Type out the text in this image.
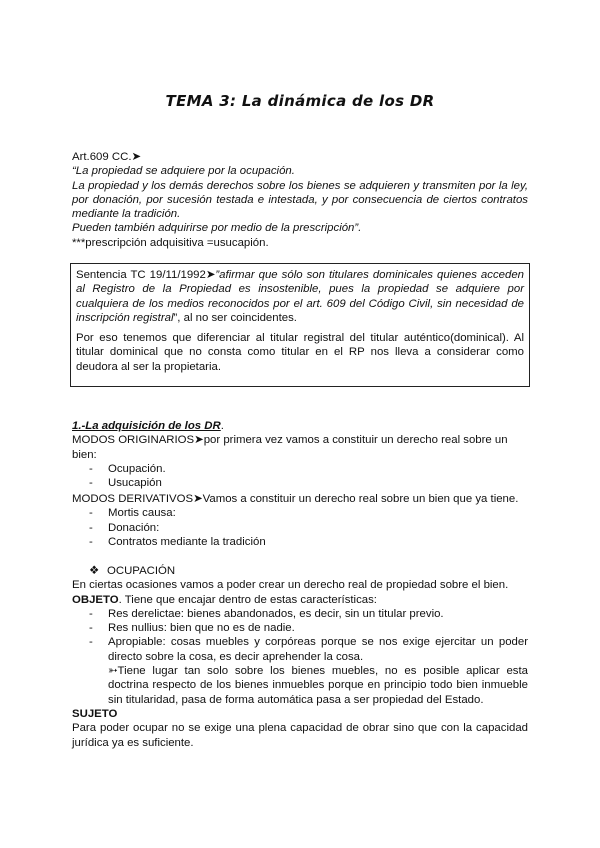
TEMA 3: La dinámica de los DR

Art.609 CC.➤

“La propiedad se adquiere por la ocupación.

La propiedad y los demás derechos sobre los bienes se adquieren y transmiten por la ley, por donación, por sucesión testada e intestada, y por consecuencia de ciertos contratos mediante la tradición.

Pueden también adquirirse por medio de la prescripción”.

***prescripción adquisitiva =usucapión.

Sentencia TC 19/11/1992➤”afirmar que sólo son titulares dominicales quienes acceden al Registro de la Propiedad es insostenible, pues la propiedad se adquiere por cualquiera de los medios reconocidos por el art. 609 del Código Civil, sin necesidad de inscripción registral”, al no ser coincidentes.

Por eso tenemos que diferenciar al titular registral del titular auténtico(dominical). Al titular dominical que no consta como titular en el RP nos lleva a considerar como deudora al ser la propietaria.

1.-La adquisición de los DR.

MODOS ORIGINARIOS➤por primera vez vamos a constituir un derecho real sobre un bien:

- Ocupación.
- Usucapión

MODOS DERIVATIVOS➤Vamos a constituir un derecho real sobre un bien que ya tiene.

- Mortis causa:
- Donación:
- Contratos mediante la tradición

❖ OCUPACIÓN

En ciertas ocasiones vamos a poder crear un derecho real de propiedad sobre el bien.

OBJETO. Tiene que encajar dentro de estas características:

- Res derelictae: bienes abandonados, es decir, sin un titular previo.
- Res nullius: bien que no es de nadie.
- Apropiable: cosas muebles y corpóreas porque se nos exige ejercitar un poder directo sobre la cosa, es decir aprehender la cosa.

➳Tiene lugar tan solo sobre los bienes muebles, no es posible aplicar esta doctrina respecto de los bienes inmuebles porque en principio todo bien inmueble sin titularidad, pasa de forma automática pasa a ser propiedad del Estado.

SUJETO

Para poder ocupar no se exige una plena capacidad de obrar sino que con la capacidad jurídica ya es suficiente.
